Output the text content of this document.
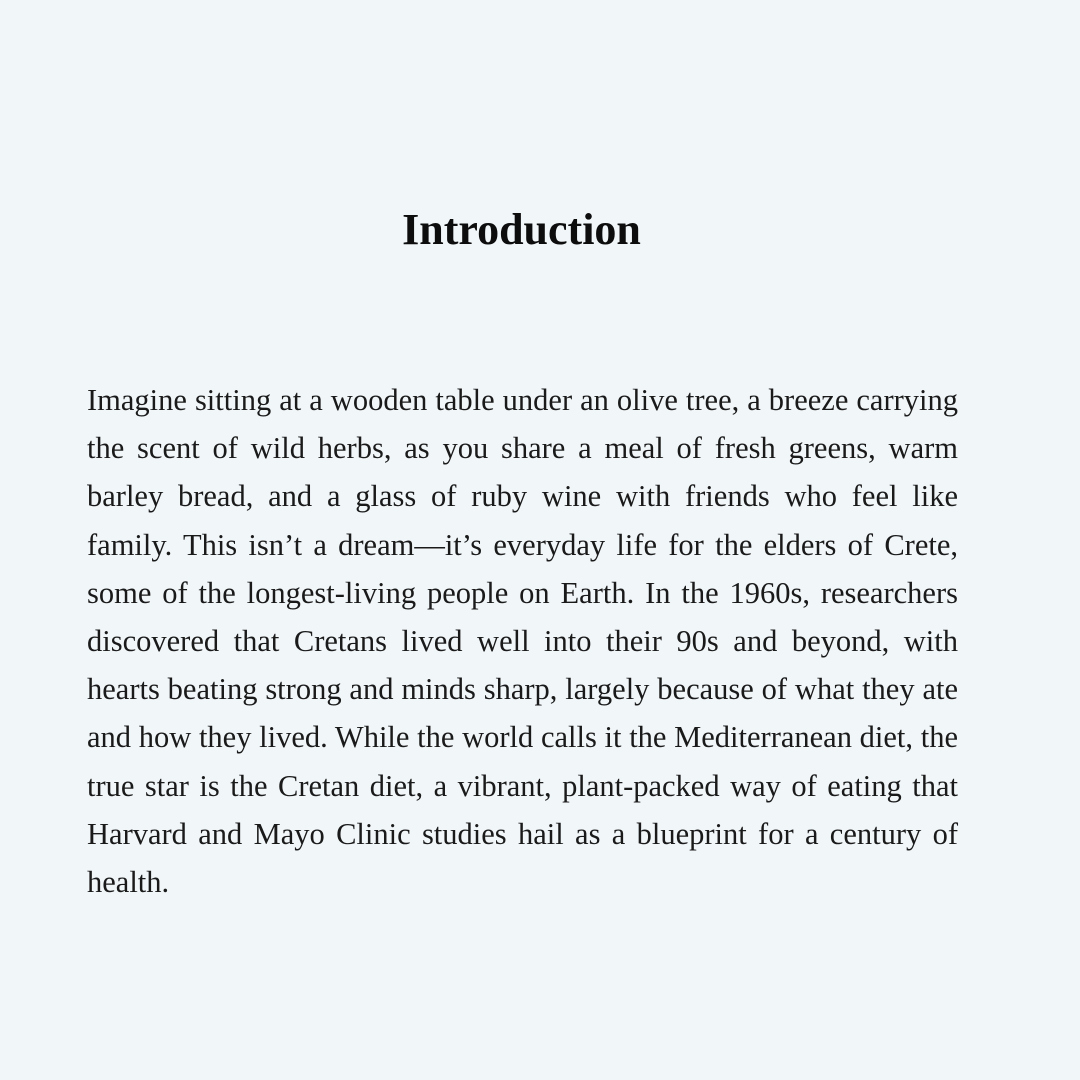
Introduction

Imagine sitting at a wooden table under an olive tree, a breeze carrying the scent of wild herbs, as you share a meal of fresh greens, warm barley bread, and a glass of ruby wine with friends who feel like family. This isn’t a dream—it’s everyday life for the elders of Crete, some of the longest-living people on Earth. In the 1960s, researchers discovered that Cretans lived well into their 90s and beyond, with hearts beating strong and minds sharp, largely because of what they ate and how they lived. While the world calls it the Mediterranean diet, the true star is the Cretan diet, a vibrant, plant-packed way of eating that Harvard and Mayo Clinic studies hail as a blueprint for a century of health.
